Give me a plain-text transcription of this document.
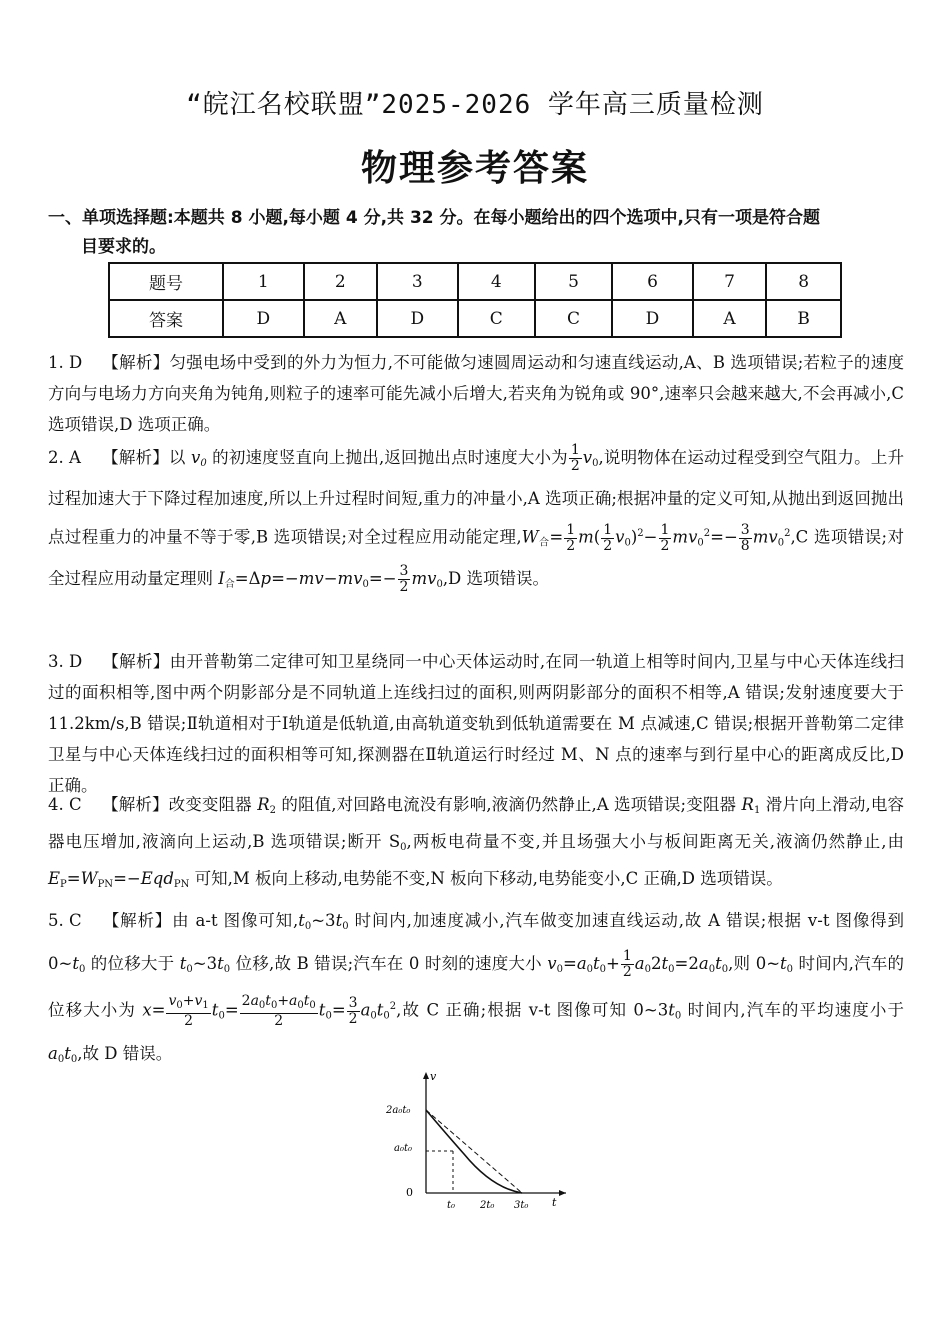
“皖江名校联盟”2025-2026 学年高三质量检测
物理参考答案
一、单项选择题:本题共 8 小题,每小题 4 分,共 32 分。在每小题给出的四个选项中,只有一项是符合题
目要求的。
题号	1	2	3	4	5	6	7	8
答案	D	A	D	C	C	D	A	B
1. D 【解析】匀强电场中受到的外力为恒力,不可能做匀速圆周运动和匀速直线运动,A、B 选项错误;若粒子的速度方向与电场力方向夹角为钝角,则粒子的速率可能先减小后增大,若夹角为锐角或 90°,速率只会越来越大,不会再减小,C 选项错误,D 选项正确。
2. A 【解析】以 $v_0$ 的初速度竖直向上抛出,返回抛出点时速度大小为 $\frac{1}{2} v_0$,说明物体在运动过程受到空气阻力。上升过程加速大于下降过程加速度,所以上升过程时间短,重力的冲量小,A 选项正确;根据冲量的定义可知,从抛出到返回抛出点过程重力的冲量不等于零,B 选项错误;对全过程应用动能定理$,W_合= \frac{1}{2} m( \frac{1}{2} v_0)^2- \frac{1}{2} mv_0^2=- \frac{3}{8} mv_0^2,C$ 选项错误;对全过程应用动量定理则 $I_合=\Delta p=-mv-mv_0=- \frac{3}{2} mv_0,D$ 选项错误。
3. D 【解析】由开普勒第二定律可知卫星绕同一中心天体运动时,在同一轨道上相等时间内,卫星与中心天体连线扫过的面积相等,图中两个阴影部分是不同轨道上连线扫过的面积,则两阴影部分的面积不相等,A 错误;发射速度要大于 11.2km/s,B 错误;Ⅱ轨道相对于Ⅰ轨道是低轨道,由高轨道变轨到低轨道需要在 M 点减速,C 错误;根据开普勒第二定律卫星与中心天体连线扫过的面积相等可知,探测器在Ⅱ轨道运行时经过 M、N 点的速率与到行星中心的距离成反比,D 正确。
4. C 【解析】改变变阻器 $R_2$ 的阻值,对回路电流没有影响,液滴仍然静止,A 选项错误;变阻器 $R_1$ 滑片向上滑动,电容器电压增加,液滴向上运动,B 选项错误;断开 $S_0$,两板电荷量不变,并且场强大小与板间距离无关,液滴仍然静止,由 $E_P=W_{PN}=-Eqd_{PN}$ 可知,M 板向上移动,电势能不变,N 板向下移动,电势能变小,C 正确,D 选项错误。
5. C 【解析】由 a-t 图像可知$,t_0\sim 3t_0$ 时间内,加速度减小,汽车做变加速直线运动,故 A 错误;根据 v-t 图像得到 $0\sim t_0$ 的位移大于 $t_0\sim 3t_0$ 位移,故 B 错误;汽车在 0 时刻的速度大小 $v_0=a_0t_0+ \frac{1}{2} a_02t_0=2a_0t_0$,则 $0\sim t_0$ 时间内,汽车的位移大小为 $x= \frac{v_0+v_1}{2} t_0= \frac{2a_0t_0+a_0t_0}{2} t_0= \frac{3}{2} a_0t_0^2$,故 C 正确;根据 v-t 图像可知 $0\sim 3t_0$ 时间内,汽车的平均速度小于 $a_0t_0$,故 D 错误。
v
t
0
2a₀t₀
a₀t₀
t₀ 2t₀ 3t₀
